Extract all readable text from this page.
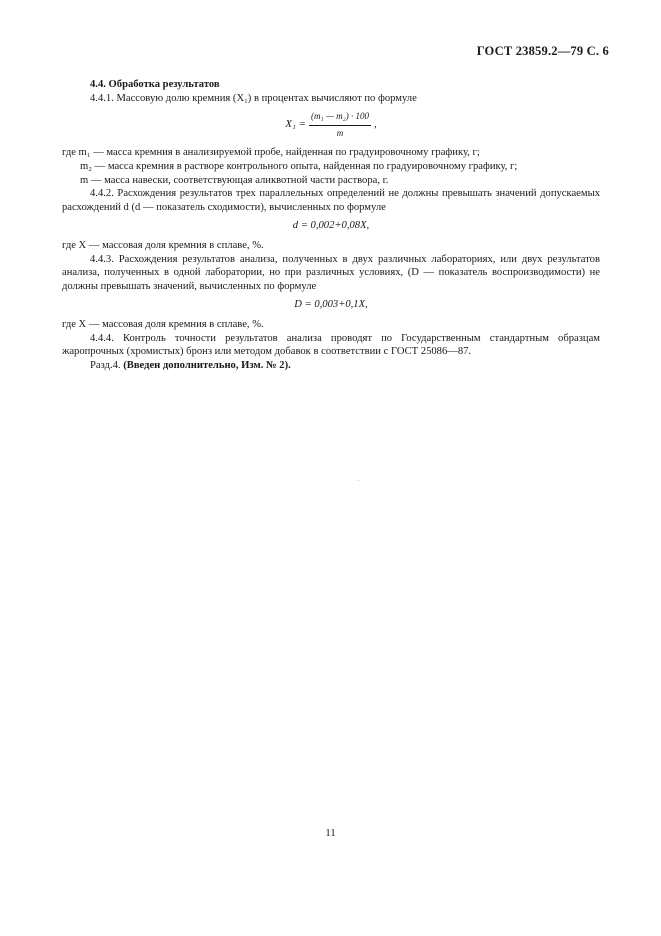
ГОСТ 23859.2—79 С. 6

4.4. Обработка результатов

4.4.1. Массовую долю кремния (X₁) в процентах вычисляют по формуле

$X_1 = \frac{\text{(m₁ — m₂) · 100}}{m}$ ,

где m₁ — масса кремния в анализируемой пробе, найденная по градуировочному графику, г;

m₂ — масса кремния в растворе контрольного опыта, найденная по градуировочному графику, г;

m — масса навески, соответствующая аликвотной части раствора, г.

4.4.2. Расхождения результатов трех параллельных определений не должны превышать значений допускаемых расхождений d (d — показатель сходимости), вычисленных по формуле

d = 0,002+0,08X,

где X — массовая доля кремния в сплаве, %.

4.4.3. Расхождения результатов анализа, полученных в двух различных лабораториях, или двух результатов анализа, полученных в одной лаборатории, но при различных условиях, (D — показатель воспроизводимости) не должны превышать значений, вычисленных по формуле

D = 0,003+0,1X,

где X — массовая доля кремния в сплаве, %.

4.4.4. Контроль точности результатов анализа проводят по Государственным стандартным образцам жаропрочных (хромистых) бронз или методом добавок в соответствии с ГОСТ 25086—87.

Разд.4. (Введен дополнительно, Изм. № 2).

11
